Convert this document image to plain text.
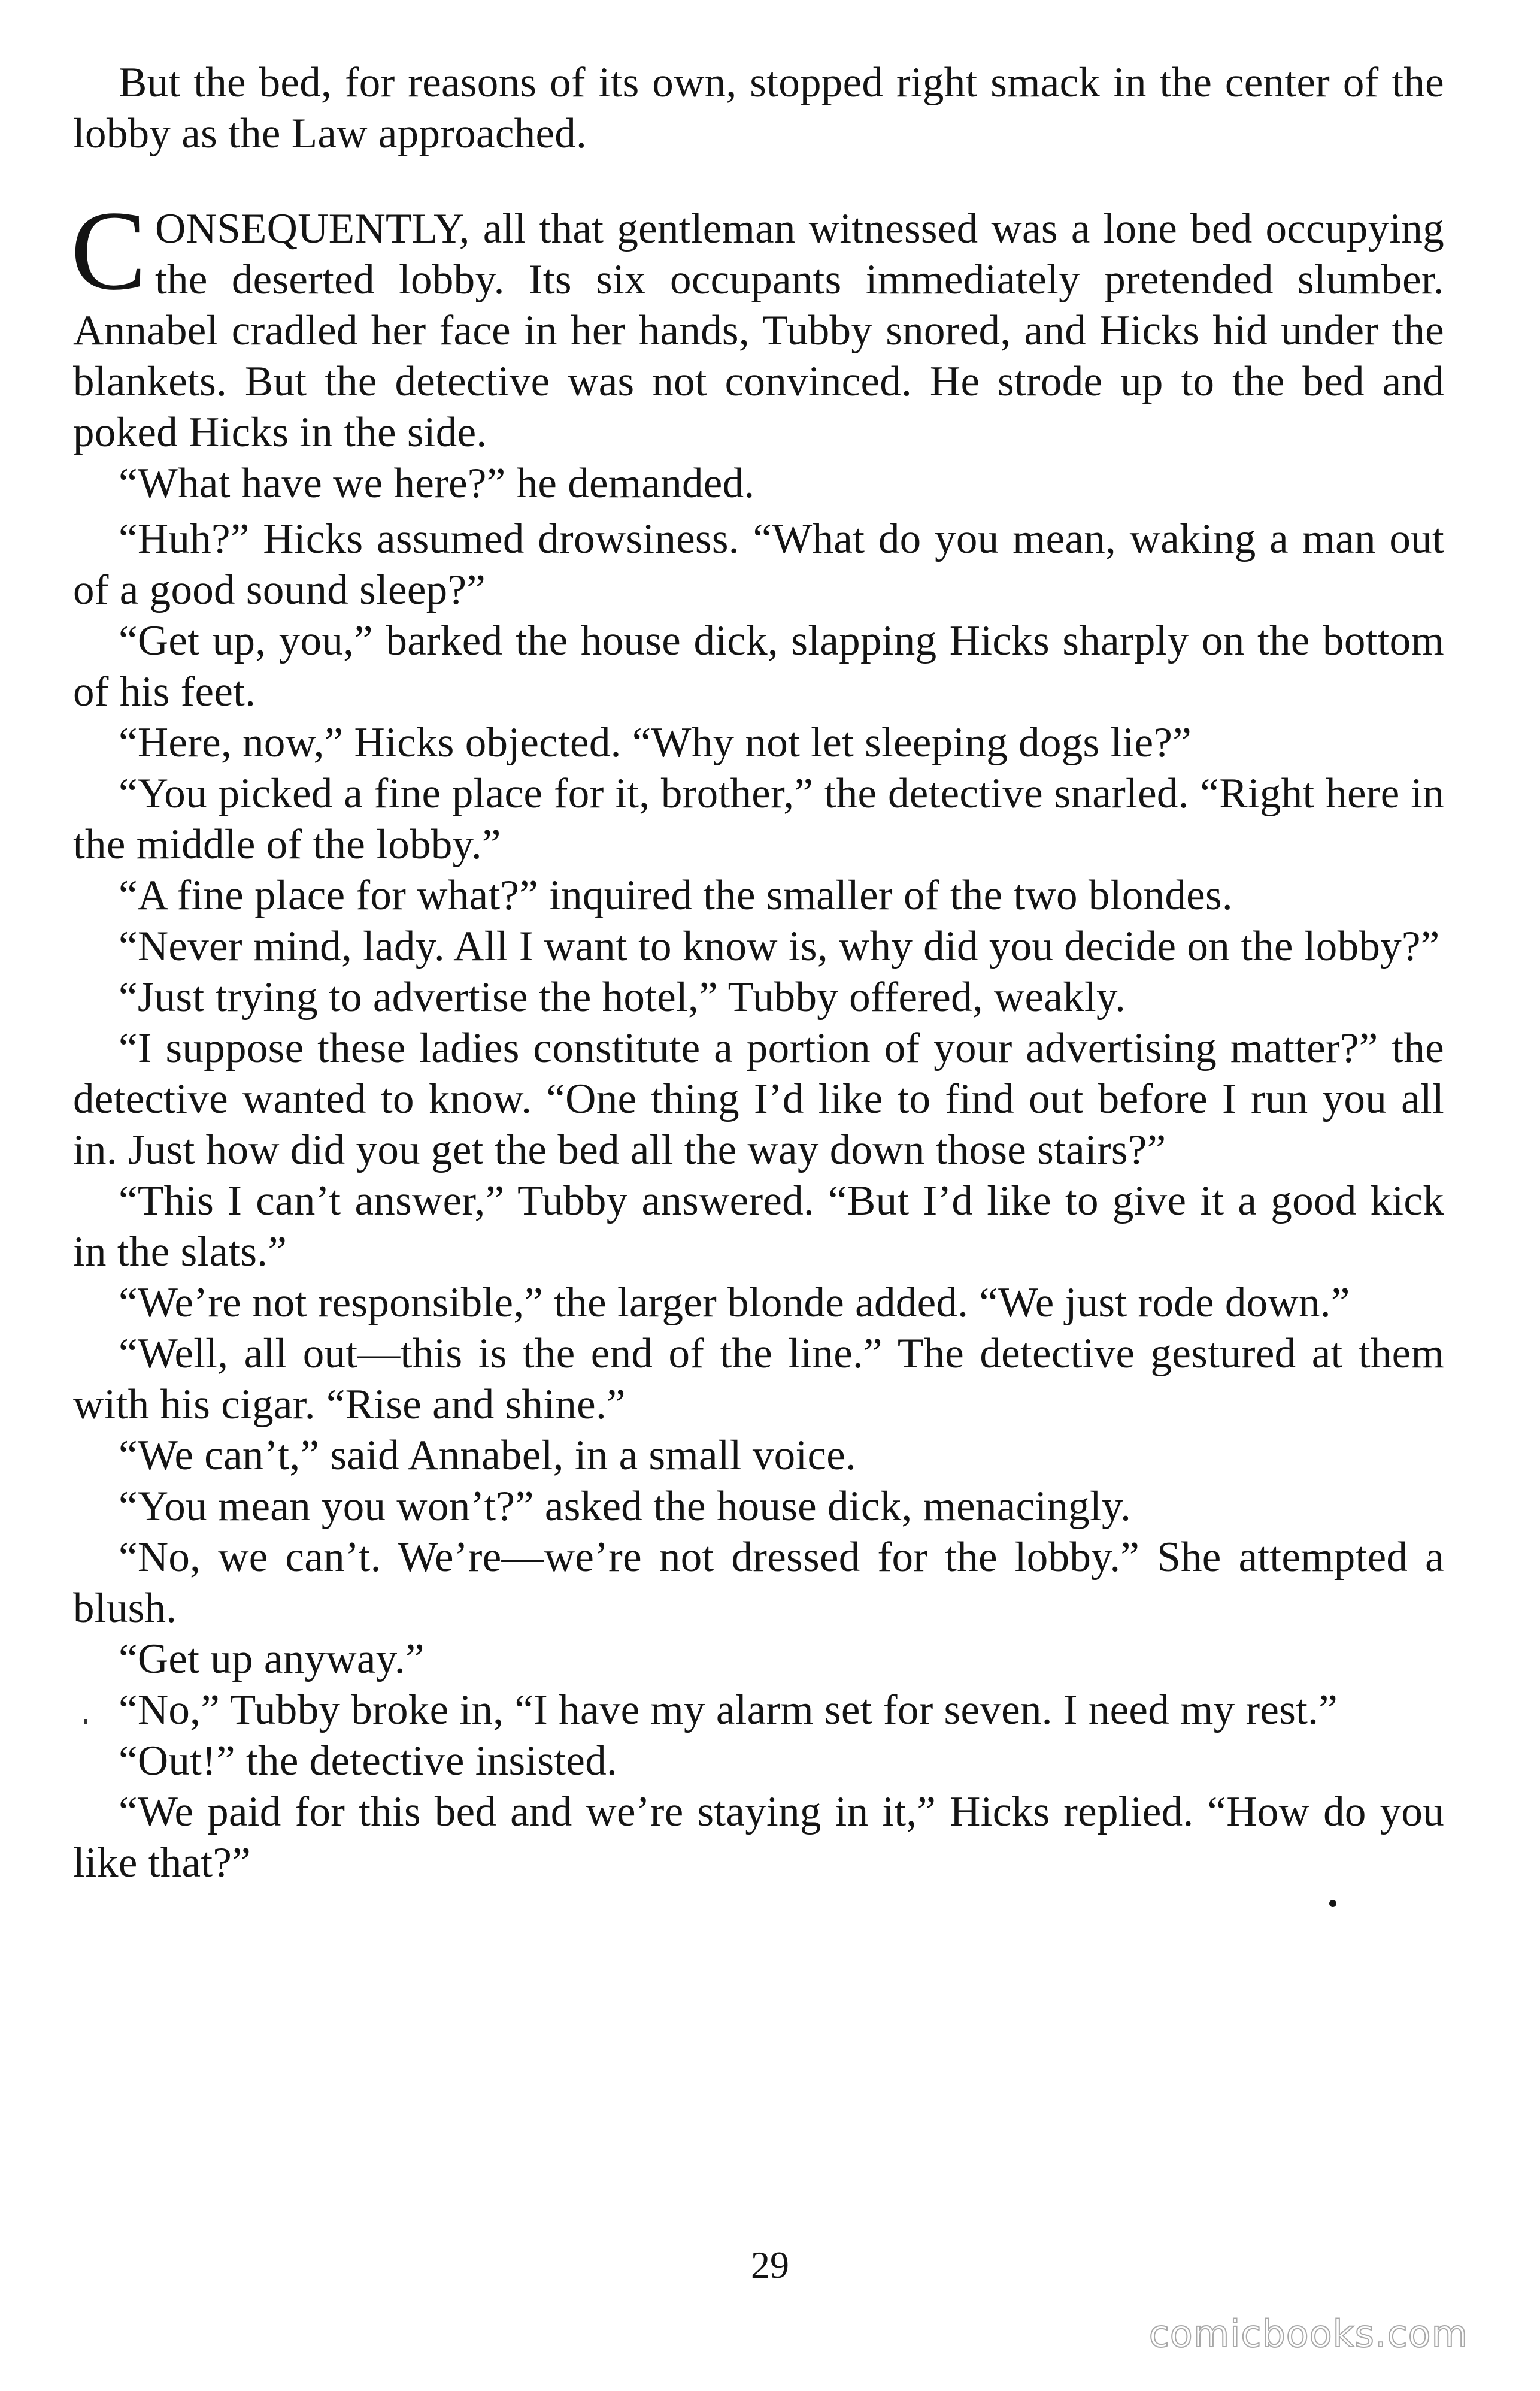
But the bed, for reasons of its own, stopped right smack in the center of the lobby as the Law approached.

CONSEQUENTLY, all that gentleman witnessed was a lone bed occupying the deserted lobby. Its six occupants immediately pretended slumber. Annabel cradled her face in her hands, Tubby snored, and Hicks hid under the blankets. But the detective was not convinced. He strode up to the bed and poked Hicks in the side.

“What have we here?” he demanded.

“Huh?” Hicks assumed drowsiness. “What do you mean, waking a man out of a good sound sleep?”

“Get up, you,” barked the house dick, slapping Hicks sharply on the bottom of his feet.

“Here, now,” Hicks objected. “Why not let sleeping dogs lie?”

“You picked a fine place for it, brother,” the detective snarled. “Right here in the middle of the lobby.”

“A fine place for what?” inquired the smaller of the two blondes.

“Never mind, lady. All I want to know is, why did you decide on the lobby?”

“Just trying to advertise the hotel,” Tubby offered, weakly.

“I suppose these ladies constitute a portion of your advertising matter?” the detective wanted to know. “One thing I’d like to find out before I run you all in. Just how did you get the bed all the way down those stairs?”

“This I can’t answer,” Tubby answered. “But I’d like to give it a good kick in the slats.”

“We’re not responsible,” the larger blonde added. “We just rode down.”

“Well, all out—this is the end of the line.” The detective gestured at them with his cigar. “Rise and shine.”

“We can’t,” said Annabel, in a small voice.

“You mean you won’t?” asked the house dick, menacingly.

“No, we can’t. We’re—we’re not dressed for the lobby.” She attempted a blush.

“Get up anyway.”

“No,” Tubby broke in, “I have my alarm set for seven. I need my rest.”

“Out!” the detective insisted.

“We paid for this bed and we’re staying in it,” Hicks replied. “How do you like that?”

29
comicbooks.com
